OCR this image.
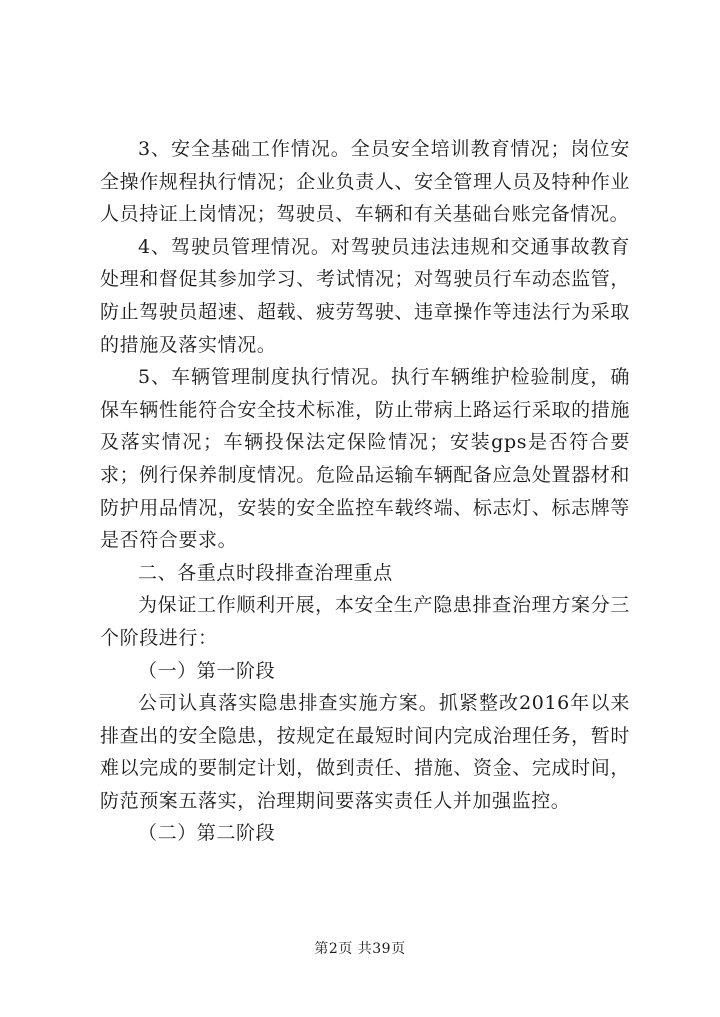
3、安全基础工作情况。全员安全培训教育情况；岗位安全操作规程执行情况；企业负责人、安全管理人员及特种作业人员持证上岗情况；驾驶员、车辆和有关基础台账完备情况。

4、驾驶员管理情况。对驾驶员违法违规和交通事故教育处理和督促其参加学习、考试情况；对驾驶员行车动态监管，防止驾驶员超速、超载、疲劳驾驶、违章操作等违法行为采取的措施及落实情况。

5、车辆管理制度执行情况。执行车辆维护检验制度，确保车辆性能符合安全技术标准，防止带病上路运行采取的措施及落实情况；车辆投保法定保险情况；安装gps是否符合要求；例行保养制度情况。危险品运输车辆配备应急处置器材和防护用品情况，安装的安全监控车载终端、标志灯、标志牌等是否符合要求。

二、各重点时段排查治理重点

为保证工作顺利开展，本安全生产隐患排查治理方案分三个阶段进行：

（一）第一阶段

公司认真落实隐患排查实施方案。抓紧整改2016年以来排查出的安全隐患，按规定在最短时间内完成治理任务，暂时难以完成的要制定计划，做到责任、措施、资金、完成时间，防范预案五落实，治理期间要落实责任人并加强监控。

（二）第二阶段

第2页 共39页
